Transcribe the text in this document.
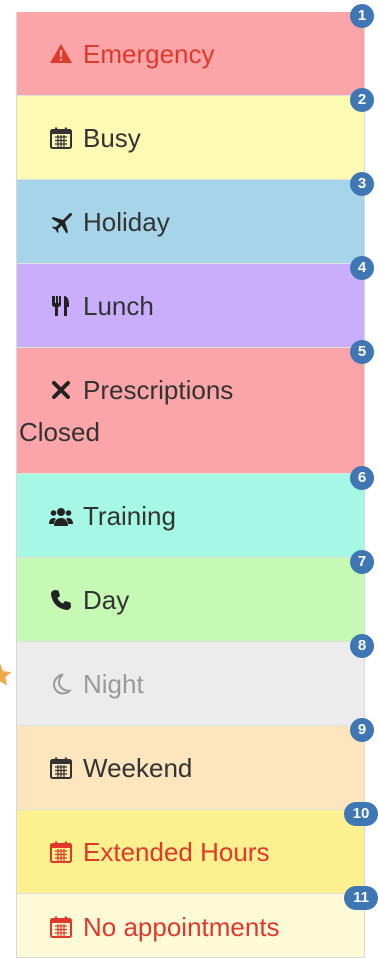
Emergency
1
Busy
2
Holiday
3
Lunch
4
Prescriptions
Closed
5
Training
6
Day
7
Night
8
Weekend
9
Extended Hours
10
No appointments
11
